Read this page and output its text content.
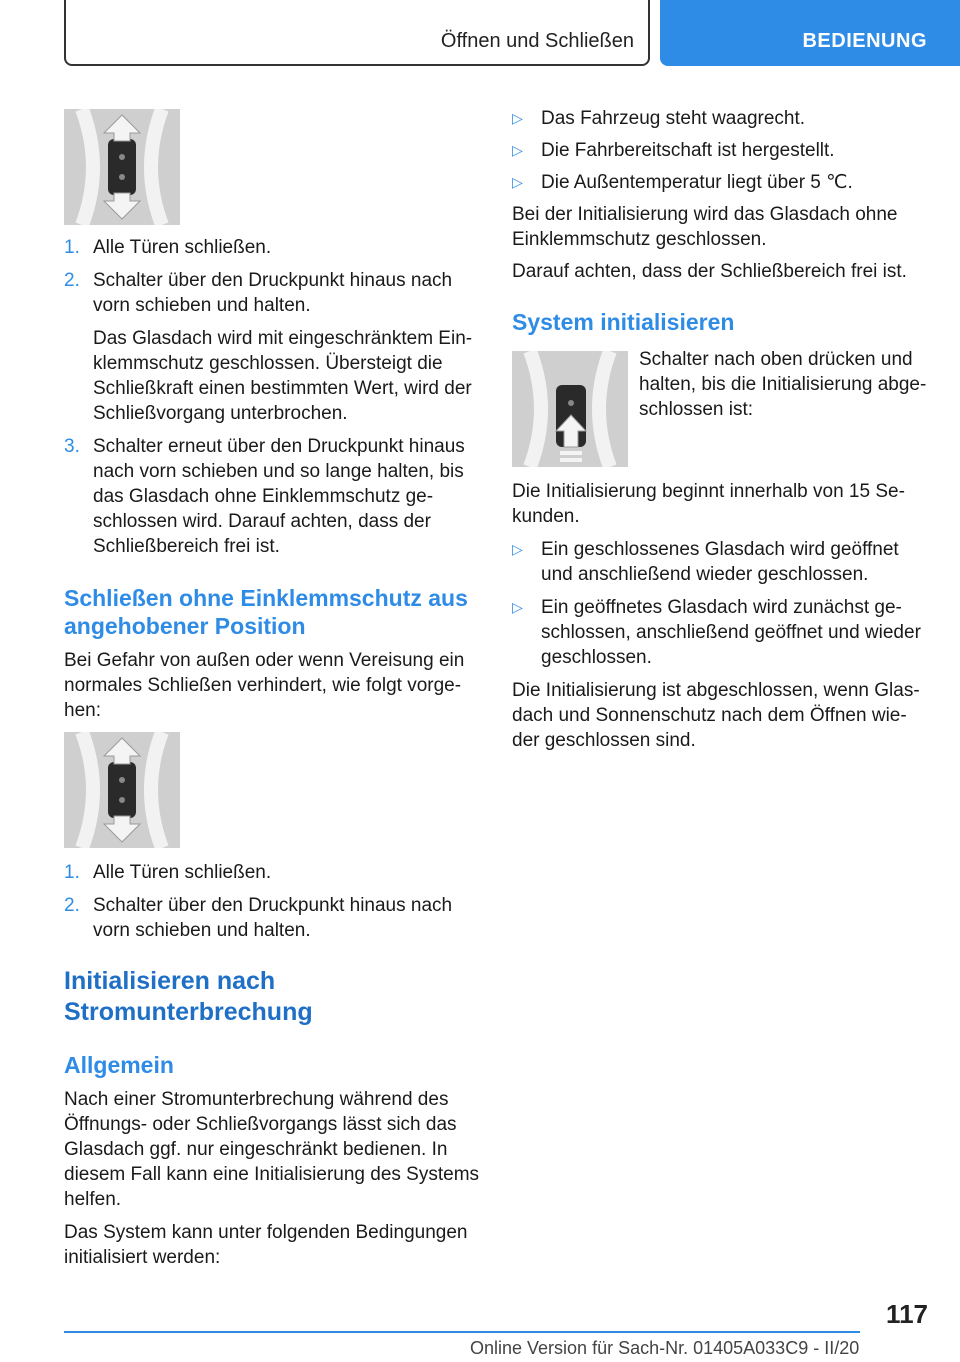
Öffnen und Schließen	BEDIENUNG
1. Alle Türen schließen.
2. Schalter über den Druckpunkt hinaus nach
vorn schieben und halten.
Das Glasdach wird mit eingeschränktem Ein-
klemmschutz geschlossen. Übersteigt die
Schließkraft einen bestimmten Wert, wird der
Schließvorgang unterbrochen.
3. Schalter erneut über den Druckpunkt hinaus
nach vorn schieben und so lange halten, bis
das Glasdach ohne Einklemmschutz ge-
schlossen wird. Darauf achten, dass der
Schließbereich frei ist.
Schließen ohne Einklemmschutz aus
angehobener Position
Bei Gefahr von außen oder wenn Vereisung ein
normales Schließen verhindert, wie folgt vorge-
hen:
1. Alle Türen schließen.
2. Schalter über den Druckpunkt hinaus nach
vorn schieben und halten.
Initialisieren nach
Stromunterbrechung
Allgemein
Nach einer Stromunterbrechung während des
Öffnungs- oder Schließvorgangs lässt sich das
Glasdach ggf. nur eingeschränkt bedienen. In
diesem Fall kann eine Initialisierung des Systems
helfen.
Das System kann unter folgenden Bedingungen
initialisiert werden:
▷ Das Fahrzeug steht waagrecht.
▷ Die Fahrbereitschaft ist hergestellt.
▷ Die Außentemperatur liegt über 5 ℃.
Bei der Initialisierung wird das Glasdach ohne
Einklemmschutz geschlossen.
Darauf achten, dass der Schließbereich frei ist.
System initialisieren
Schalter nach oben drücken und
halten, bis die Initialisierung abge-
schlossen ist:
Die Initialisierung beginnt innerhalb von 15 Se-
kunden.
▷ Ein geschlossenes Glasdach wird geöffnet
und anschließend wieder geschlossen.
▷ Ein geöffnetes Glasdach wird zunächst ge-
schlossen, anschließend geöffnet und wieder
geschlossen.
Die Initialisierung ist abgeschlossen, wenn Glas-
dach und Sonnenschutz nach dem Öffnen wie-
der geschlossen sind.
117
Online Version für Sach-Nr. 01405A033C9 - II/20
